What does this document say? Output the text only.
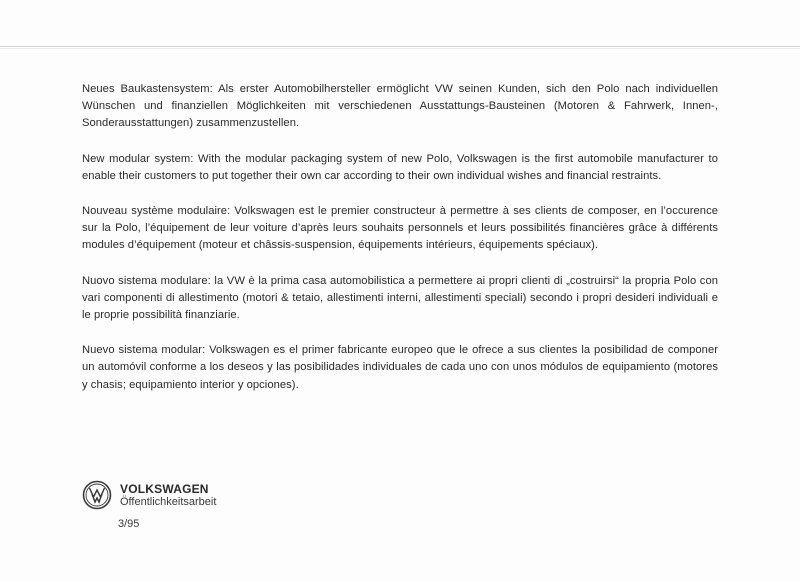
Neues Baukastensystem: Als erster Automobilhersteller ermöglicht VW seinen Kunden, sich den Polo nach individuellen Wünschen und finanziellen Möglichkeiten mit verschiedenen Ausstattungs-Bausteinen (Motoren & Fahrwerk, Innen-, Sonderausstattungen) zusammenzustellen.

New modular system: With the modular packaging system of new Polo, Volkswagen is the first automobile manufacturer to enable their customers to put together their own car according to their own individual wishes and financial restraints.

Nouveau système modulaire: Volkswagen est le premier constructeur à permettre à ses clients de composer, en l’occurence sur la Polo, l’équipement de leur voiture d’après leurs souhaits personnels et leurs possibilités financières grâce à différents modules d’équipement (moteur et châssis-suspension, équipements intérieurs, équipements spéciaux).

Nuovo sistema modulare: la VW è la prima casa automobilistica a permettere ai propri clienti di „costruirsi“ la propria Polo con vari componenti di allestimento (motori & tetaio, allestimenti interni, allestimenti speciali) secondo i propri desideri individuali e le proprie possibilità finanziarie.

Nuevo sistema modular: Volkswagen es el primer fabricante europeo que le ofrece a sus clientes la posibilidad de componer un automóvil conforme a los deseos y las posibilidades individuales de cada uno con unos módulos de equipamiento (motores y chasis; equipamiento interior y opciones).

VOLKSWAGEN
Öffentlichkeitsarbeit
3/95
